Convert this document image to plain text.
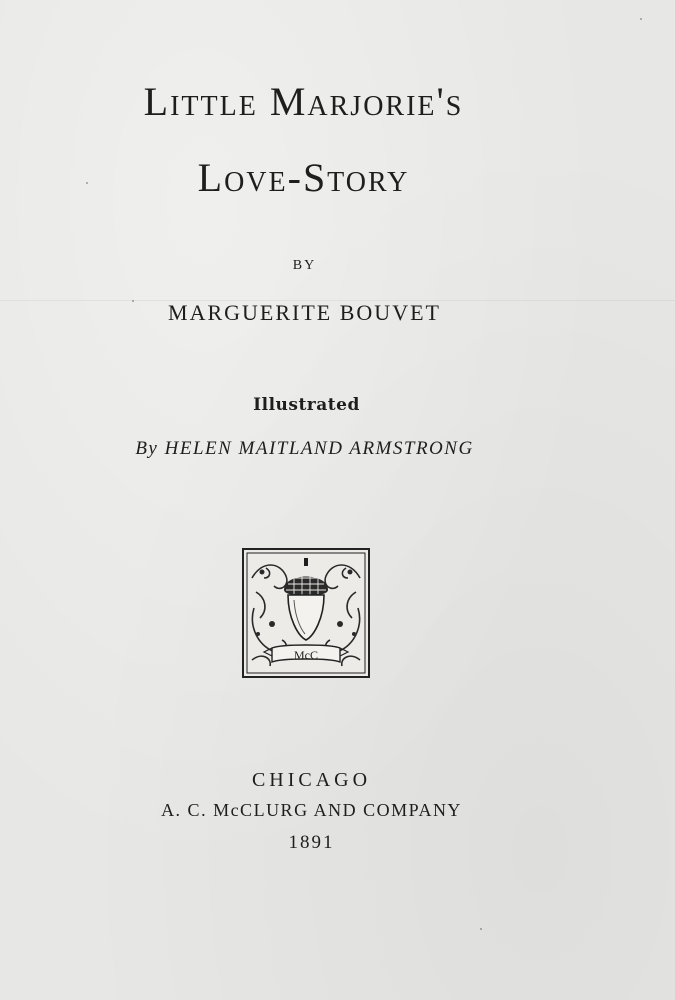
Little Marjorie's
Love-Story
BY
MARGUERITE BOUVET
Illustrated
By HELEN MAITLAND ARMSTRONG
McC
CHICAGO
A. C. McCLURG AND COMPANY
1891
